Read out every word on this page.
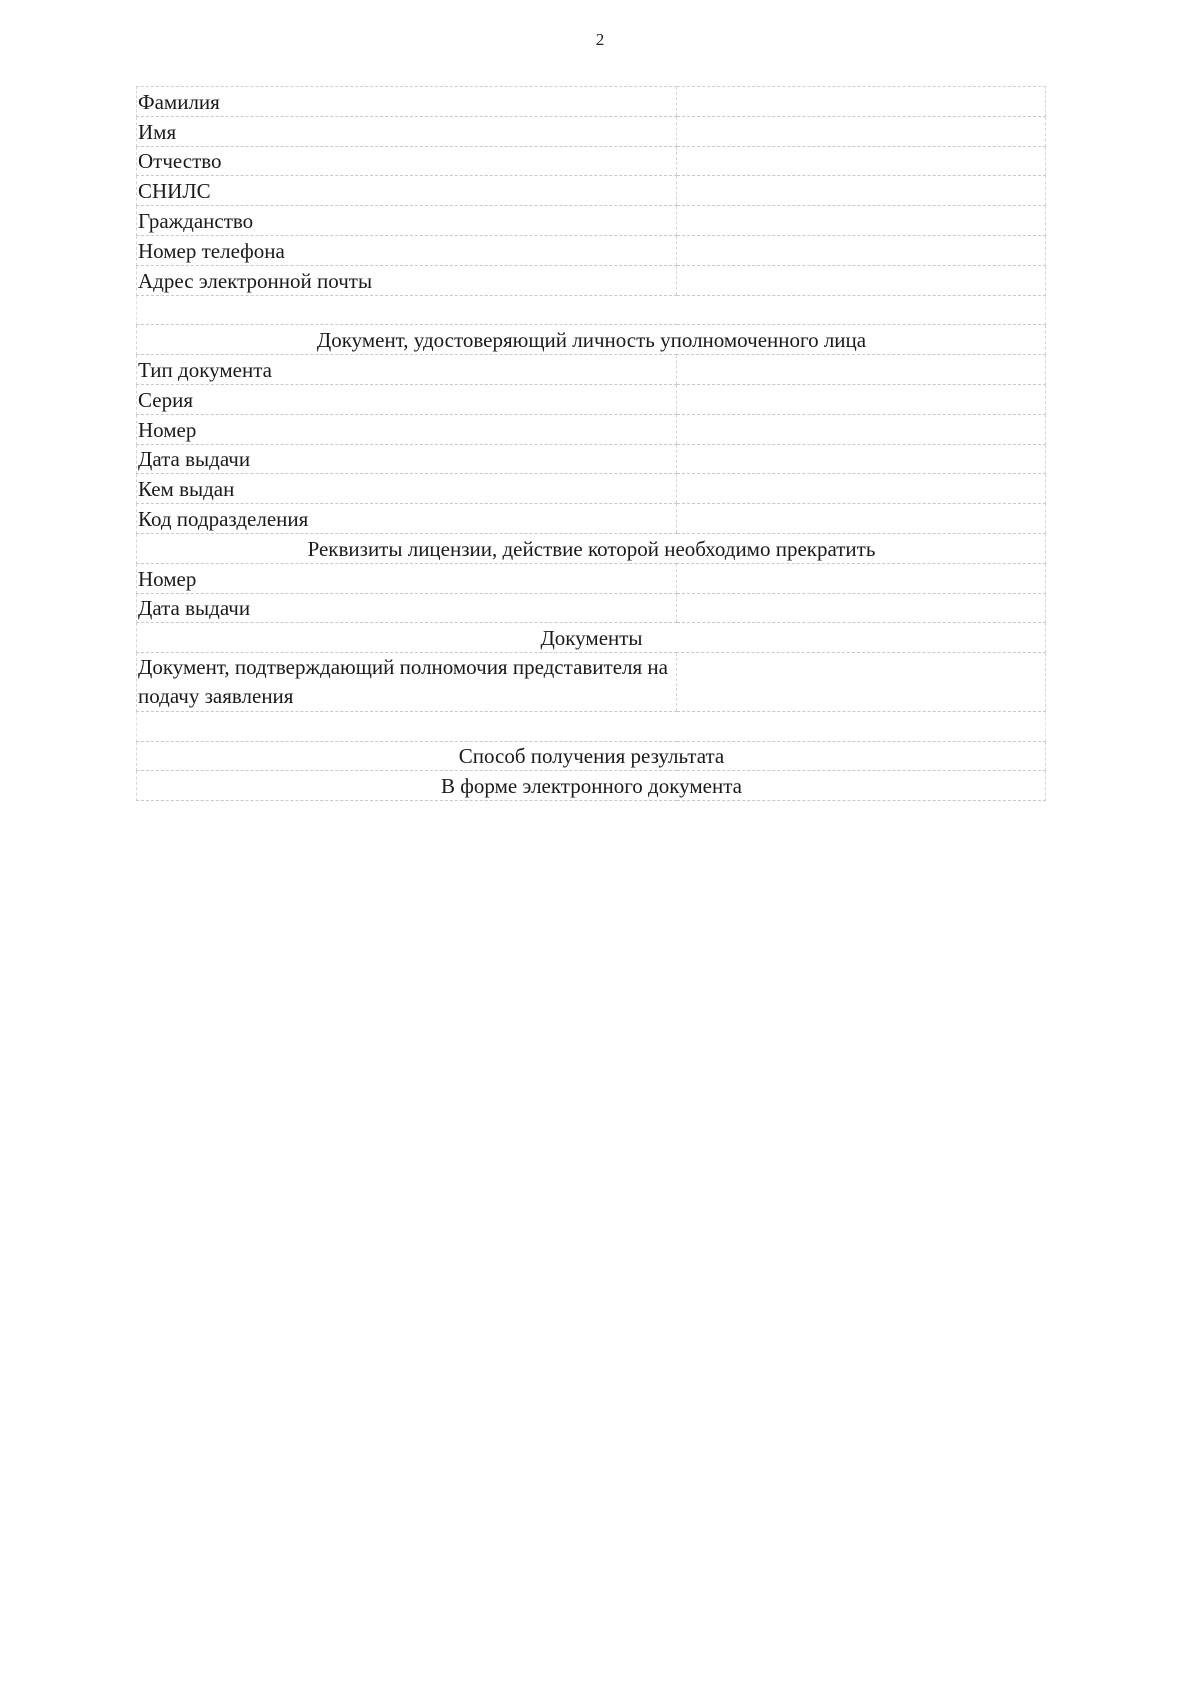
2
Фамилия	
Имя	
Отчество	
СНИЛС	
Гражданство	
Номер телефона	
Адрес электронной почты	

Документ, удостоверяющий личность уполномоченного лица	
Тип документа	
Серия	
Номер	
Дата выдачи	
Кем выдан	
Код подразделения	
Реквизиты лицензии, действие которой необходимо прекратить	
Номер	
Дата выдачи	
Документы	
Документ, подтверждающий полномочия представителя на подачу заявления	

Способ получения результата	
В форме электронного документа	
